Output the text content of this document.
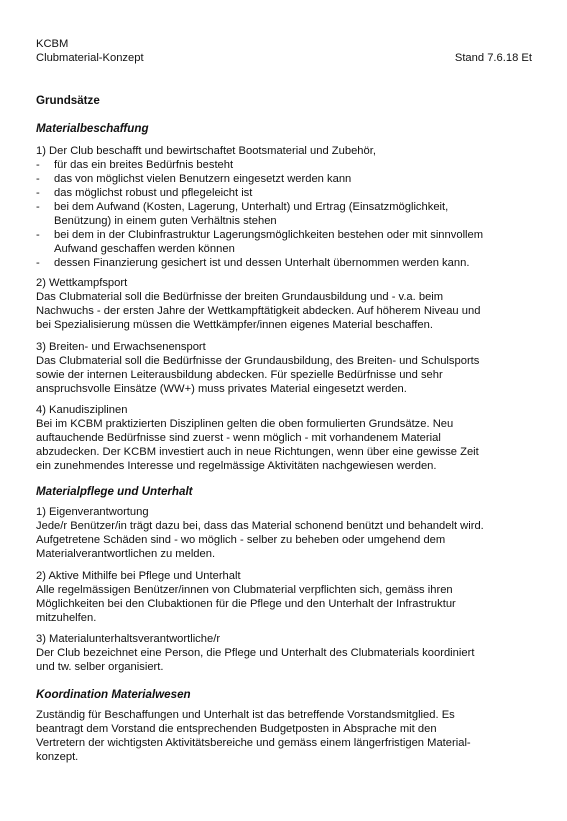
KCBM
Clubmaterial-Konzept	Stand 7.6.18 Et
Grundsätze
Materialbeschaffung
1) Der Club beschafft und bewirtschaftet Bootsmaterial und Zubehör,
- für das ein breites Bedürfnis besteht
- das von möglichst vielen Benutzern eingesetzt werden kann
- das möglichst robust und pflegeleicht ist
- bei dem Aufwand (Kosten, Lagerung, Unterhalt) und Ertrag (Einsatzmöglichkeit,
Benützung) in einem guten Verhältnis stehen
- bei dem in der Clubinfrastruktur Lagerungsmöglichkeiten bestehen oder mit sinnvollem
Aufwand geschaffen werden können
- dessen Finanzierung gesichert ist und dessen Unterhalt übernommen werden kann.
2) Wettkampfsport
Das Clubmaterial soll die Bedürfnisse der breiten Grundausbildung und - v.a. beim
Nachwuchs - der ersten Jahre der Wettkampftätigkeit abdecken. Auf höherem Niveau und
bei Spezialisierung müssen die Wettkämpfer/innen eigenes Material beschaffen.
3) Breiten- und Erwachsenensport
Das Clubmaterial soll die Bedürfnisse der Grundausbildung, des Breiten- und Schulsports
sowie der internen Leiterausbildung abdecken. Für spezielle Bedürfnisse und sehr
anspruchsvolle Einsätze (WW+) muss privates Material eingesetzt werden.
4) Kanudisziplinen
Bei im KCBM praktizierten Disziplinen gelten die oben formulierten Grundsätze. Neu
auftauchende Bedürfnisse sind zuerst - wenn möglich - mit vorhandenem Material
abzudecken. Der KCBM investiert auch in neue Richtungen, wenn über eine gewisse Zeit
ein zunehmendes Interesse und regelmässige Aktivitäten nachgewiesen werden.
Materialpflege und Unterhalt
1) Eigenverantwortung
Jede/r Benützer/in trägt dazu bei, dass das Material schonend benützt und behandelt wird.
Aufgetretene Schäden sind - wo möglich - selber zu beheben oder umgehend dem
Materialverantwortlichen zu melden.
2) Aktive Mithilfe bei Pflege und Unterhalt
Alle regelmässigen Benützer/innen von Clubmaterial verpflichten sich, gemäss ihren
Möglichkeiten bei den Clubaktionen für die Pflege und den Unterhalt der Infrastruktur
mitzuhelfen.
3) Materialunterhaltsverantwortliche/r
Der Club bezeichnet eine Person, die Pflege und Unterhalt des Clubmaterials koordiniert
und tw. selber organisiert.
Koordination Materialwesen
Zuständig für Beschaffungen und Unterhalt ist das betreffende Vorstandsmitglied. Es
beantragt dem Vorstand die entsprechenden Budgetposten in Absprache mit den
Vertretern der wichtigsten Aktivitätsbereiche und gemäss einem längerfristigen Material-
konzept.
